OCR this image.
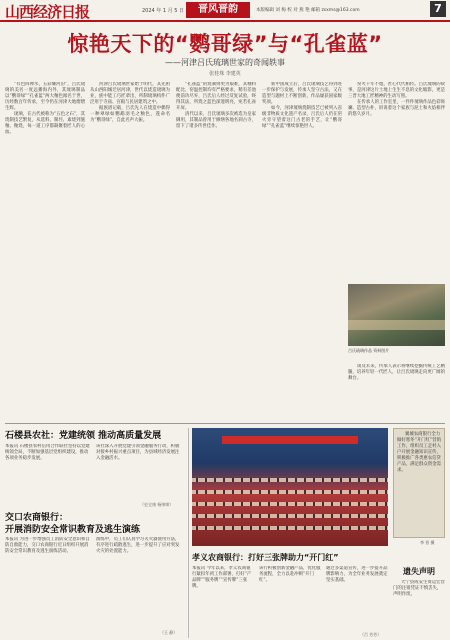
山西经济日报	2024 年 1 月 5 日	晋风晋韵	本版编辑 刘 梅 校 对 燕 艳 邮箱 zsxms@163.com	7
惊艳天下的“鹦哥绿”与“孔雀蓝”
——河津吕氏琉璃世家的奇闻轶事
张桂珠 李建英

“有色回禅水，五彩耀河汾”，吕氏琉璃的美名一度远播海内外，其琉璃制品以“鹦哥绿”“孔雀蓝”两大釉色闻名于世，历经数百年传承，至今仍在河津大地熠熠生辉。

琉璃，在古代被称为“五色之石”，其烧制技艺繁复，从选料、制坯、素烧到施釉、釉烧，每一道工序都凝聚着匠人的心血。

河津吕氏琉璃世家始于明代，其先祖从山西阳城迁居河津，世代以烧造琉璃为业，族中能工巧匠辈出，所制琉璃构件广泛用于寺庙、宫殿与民居建筑之中。

据族谱记载，吕氏先人在烧造中偶得一种翠绿如鹦鹉羽毛之釉色，遂命名为“鹦哥绿”，自此名声大振。

“孔雀蓝”的烧制则更为艰难，其釉料配比、窑温控制均有严格要求，稍有差池便前功尽弃，吕氏后人经过反复试验，终得其法，所烧之蓝色深邃明亮，宛若孔雀开屏。

清代以来，吕氏琉璃多次被选为皇家御用，其制品曾用于修缮各地名刹古寺，留下了诸多传世佳作。

新中国成立后，吕氏琉璃技艺得到进一步保护与发展，传承人坚守古法，又在造型与题材上不断创新，作品屡获国家级奖项。

如今，河津琉璃烧制技艺已被列入省级非物质文化遗产名录，吕氏后人仍在窑火旁守望着这门古老的手艺，让“鹦哥绿”“孔雀蓝”继续惊艳世人。

窑火千年不熄，匠心代代相传。吕氏琉璃的故事，是河津这片土地上生生不息的文化缩影，更是三晋大地工匠精神的生动写照。

在传承人的工作室里，一件件琉璃作品色彩斑斓、造型古朴，诉说着这个家族与泥土和火焰相伴的悠久岁月。

吕氏琉璃作品 资料图片

谈及未来，传承人表示将继续挖掘传统工艺精髓，培养年轻一代匠人，让吕氏琉璃走向更广阔的舞台。

石楼县农社：党建统领 推动高质量发展
本报讯 石楼县农村信用合作联社坚持以党建统领全局，不断加强基层党组织建设，推动各项业务稳步发展。
该社深入开展党建引领金融服务行动，积极对接乡村振兴重点项目，为县域经济发展注入金融活水。
（史全康 杨帅帅）
交口农商银行：
开展消防安全常识教育及逃生演练
本报讯 为进一步增强员工消防安全意识和自防自救能力，交口农商银行近日组织开展消防安全常识教育及逃生演练活动。
演练中，员工们认真学习灭火器使用方法，有序进行疏散逃生，进一步提升了应对突发火灾的处置能力。
（王 静）
翼城农商银行全力做好寒冬“开门红”营销工作，组织员工走村入户开展金融知识宣传，积极推广各类惠农信贷产品，满足群众资金需求。
李 晋 摄
孝义农商银行：打好三张牌助力“开门红”
本报讯 今年以来，孝义农商银行紧扣年初工作部署，打好“产品牌”“服务牌”“宣传牌”三张牌。
该行积极创新金融产品，优化服务流程，全力以赴冲刺“开门红”。
通过多渠道宣传，进一步提升品牌影响力，为全年业务发展奠定坚实基础。
（吕 芳芳）
遗失声明
大宁县成安生资运宏营门的注销凭证不慎丢失，声明作废。
